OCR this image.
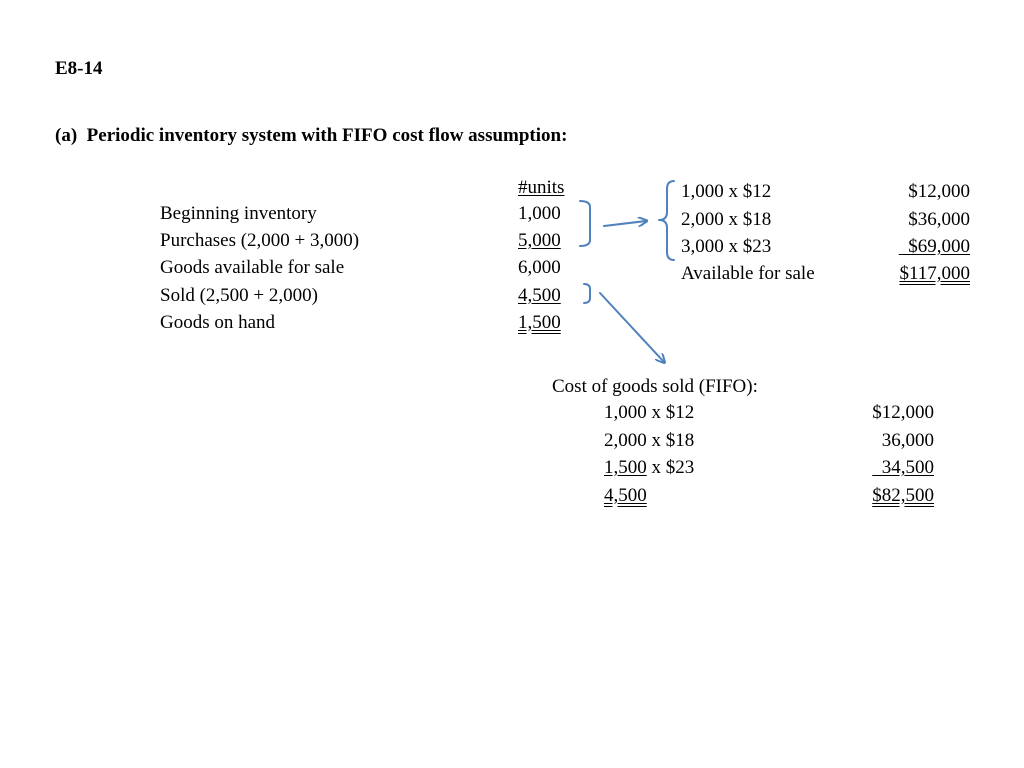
E8-14
(a)  Periodic inventory system with FIFO cost flow assumption:
#units
Beginning inventory	1,000
Purchases (2,000 + 3,000)	5,000
Goods available for sale	6,000
Sold (2,500 + 2,000)	4,500
Goods on hand	1,500
1,000 x $12	$12,000
2,000 x $18	$36,000
3,000 x $23	$69,000
Available for sale	$117,000
Cost of goods sold (FIFO):
1,000 x $12	$12,000
2,000 x $18	36,000
1,500 x $23	34,500
4,500	$82,500
